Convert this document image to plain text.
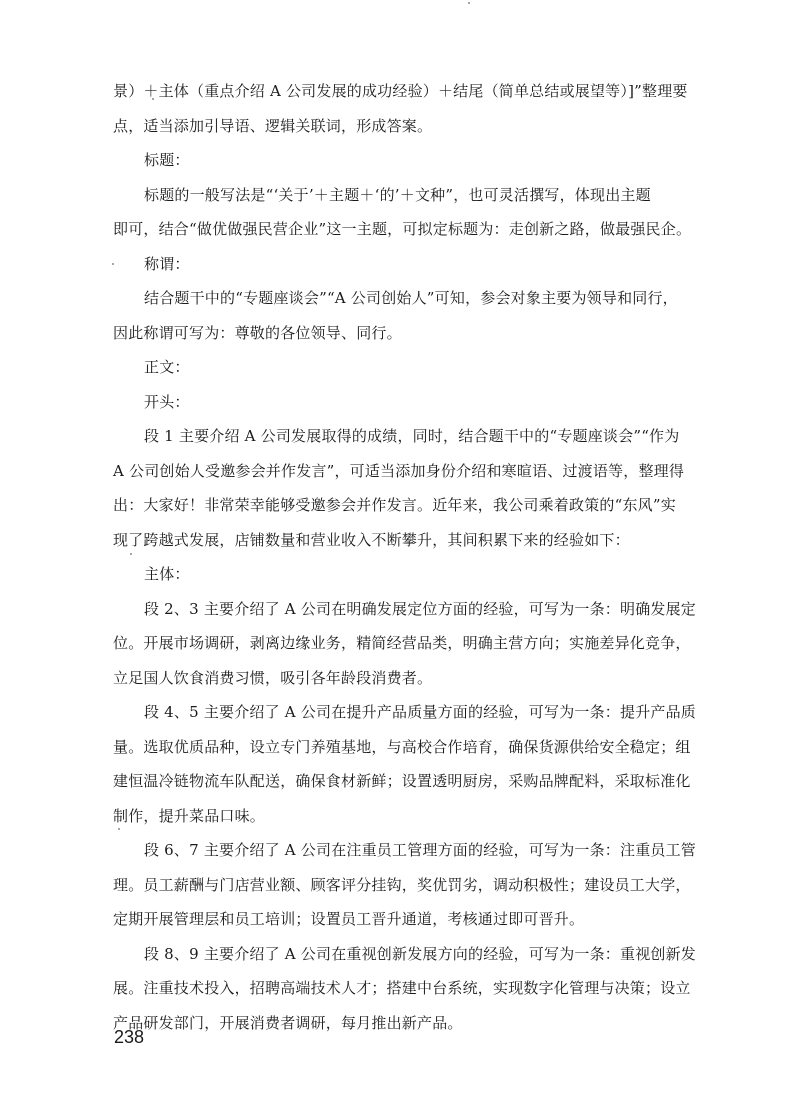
景）＋主体（重点介绍 A 公司发展的成功经验）＋结尾（简单总结或展望等）]”整理要
点，适当添加引导语、逻辑关联词，形成答案。
标题：
标题的一般写法是“‘关于’＋主题＋‘的’＋文种”，也可灵活撰写，体现出主题
即可，结合“做优做强民营企业”这一主题，可拟定标题为：走创新之路，做最强民企。
称谓：
结合题干中的“专题座谈会”“A 公司创始人”可知，参会对象主要为领导和同行，
因此称谓可写为：尊敬的各位领导、同行。
正文：
开头：
段 1 主要介绍 A 公司发展取得的成绩，同时，结合题干中的“专题座谈会”“作为
A 公司创始人受邀参会并作发言”，可适当添加身份介绍和寒暄语、过渡语等，整理得
出：大家好！非常荣幸能够受邀参会并作发言。近年来，我公司乘着政策的“东风”实
现了跨越式发展，店铺数量和营业收入不断攀升，其间积累下来的经验如下：
主体：
段 2、3 主要介绍了 A 公司在明确发展定位方面的经验，可写为一条：明确发展定
位。开展市场调研，剥离边缘业务，精简经营品类，明确主营方向；实施差异化竞争，
立足国人饮食消费习惯，吸引各年龄段消费者。
段 4、5 主要介绍了 A 公司在提升产品质量方面的经验，可写为一条：提升产品质
量。选取优质品种，设立专门养殖基地，与高校合作培育，确保货源供给安全稳定；组
建恒温冷链物流车队配送，确保食材新鲜；设置透明厨房，采购品牌配料，采取标准化
制作，提升菜品口味。
段 6、7 主要介绍了 A 公司在注重员工管理方面的经验，可写为一条：注重员工管
理。员工薪酬与门店营业额、顾客评分挂钩，奖优罚劣，调动积极性；建设员工大学，
定期开展管理层和员工培训；设置员工晋升通道，考核通过即可晋升。
段 8、9 主要介绍了 A 公司在重视创新发展方向的经验，可写为一条：重视创新发
展。注重技术投入，招聘高端技术人才；搭建中台系统，实现数字化管理与决策；设立
产品研发部门，开展消费者调研，每月推出新产品。
238
